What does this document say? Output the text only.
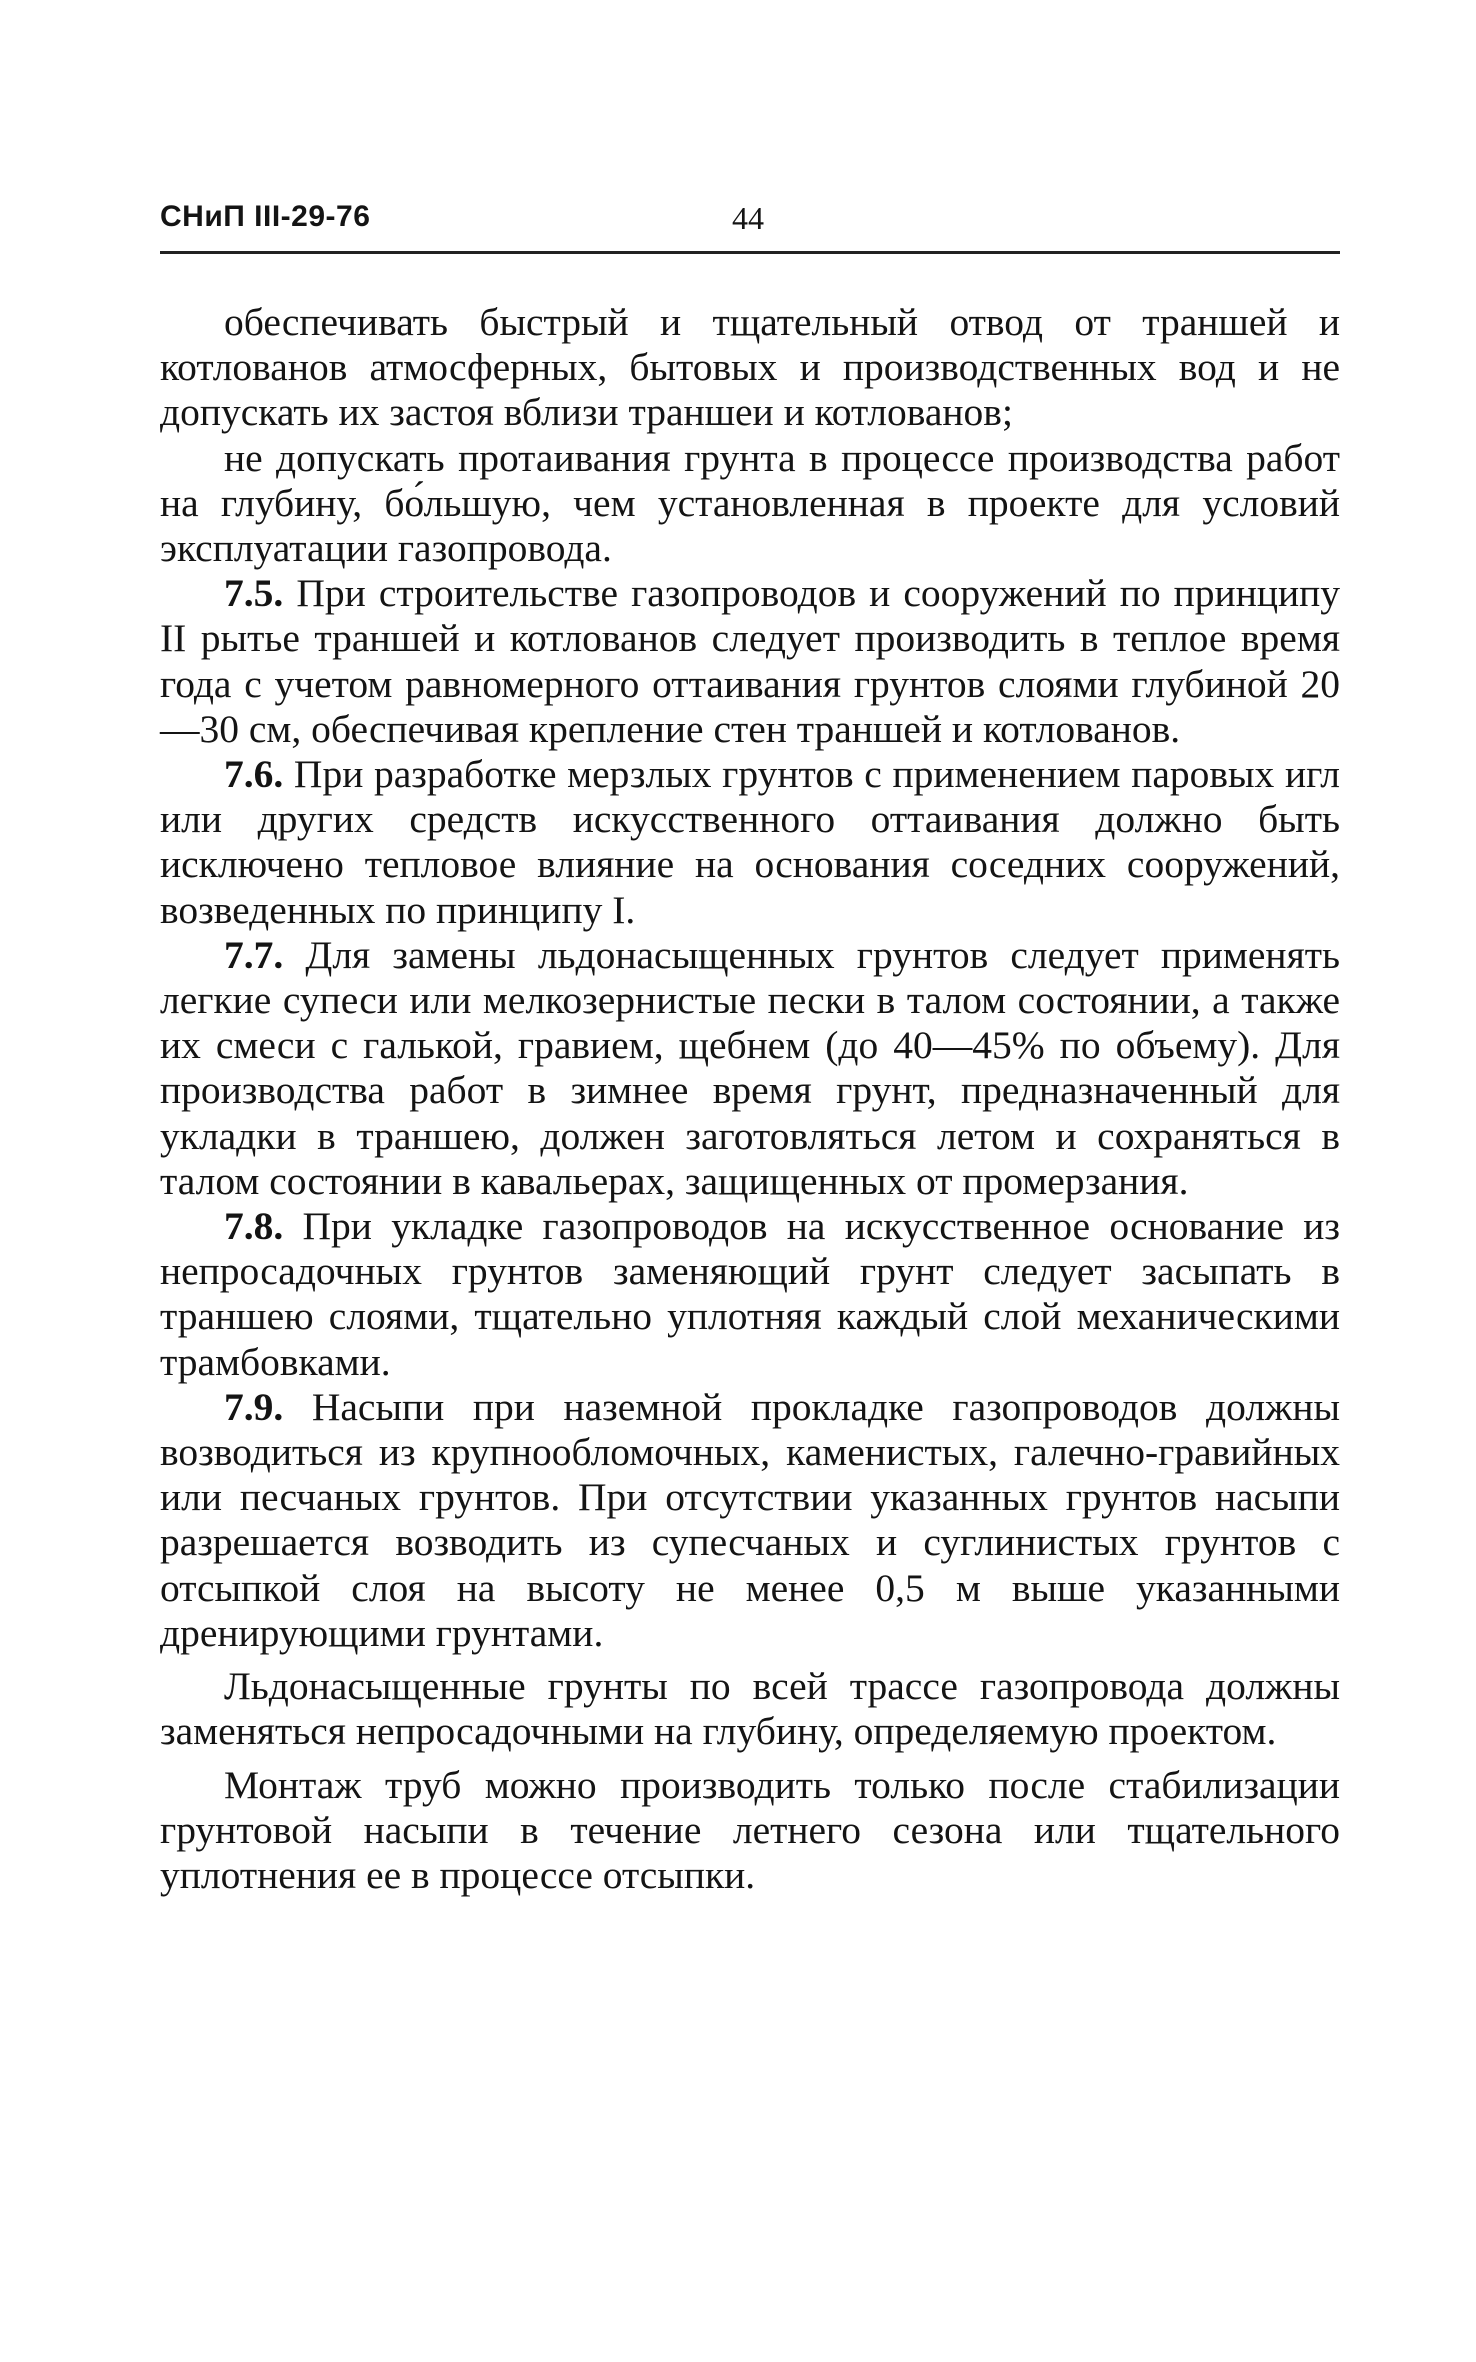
СНиП III-29-76	44

обеспечивать быстрый и тщательный отвод от траншей и котлованов атмосферных, бытовых и производственных вод и не допускать их застоя вблизи траншеи и котлованов;

не допускать протаивания грунта в процессе производства работ на глубину, бо́льшую, чем установленная в проекте для условий эксплуатации газопровода.

7.5. При строительстве газопроводов и сооружений по принципу II рытье траншей и котлованов следует производить в теплое время года с учетом равномерного оттаивания грунтов слоями глубиной 20—30 см, обеспечивая крепление стен траншей и котлованов.

7.6. При разработке мерзлых грунтов с применением паровых игл или других средств искусственного оттаивания должно быть исключено тепловое влияние на основания соседних сооружений, возведенных по принципу I.

7.7. Для замены льдонасыщенных грунтов следует применять легкие супеси или мелкозернистые пески в талом состоянии, а также их смеси с галькой, гравием, щебнем (до 40—45% по объему). Для производства работ в зимнее время грунт, предназначенный для укладки в траншею, должен заготовляться летом и сохраняться в талом состоянии в кавальерах, защищенных от промерзания.

7.8. При укладке газопроводов на искусственное основание из непросадочных грунтов заменяющий грунт следует засыпать в траншею слоями, тщательно уплотняя каждый слой механическими трамбовками.

7.9. Насыпи при наземной прокладке газопроводов должны возводиться из крупнообломочных, каменистых, галечно-гравийных или песчаных грунтов. При отсутствии указанных грунтов насыпи разрешается возводить из супесчаных и суглинистых грунтов с отсыпкой слоя на высоту не менее 0,5 м выше указанными дренирующими грунтами.

Льдонасыщенные грунты по всей трассе газопровода должны заменяться непросадочными на глубину, определяемую проектом.

Монтаж труб можно производить только после стабилизации грунтовой насыпи в течение летнего сезона или тщательного уплотнения ее в процессе отсыпки.
